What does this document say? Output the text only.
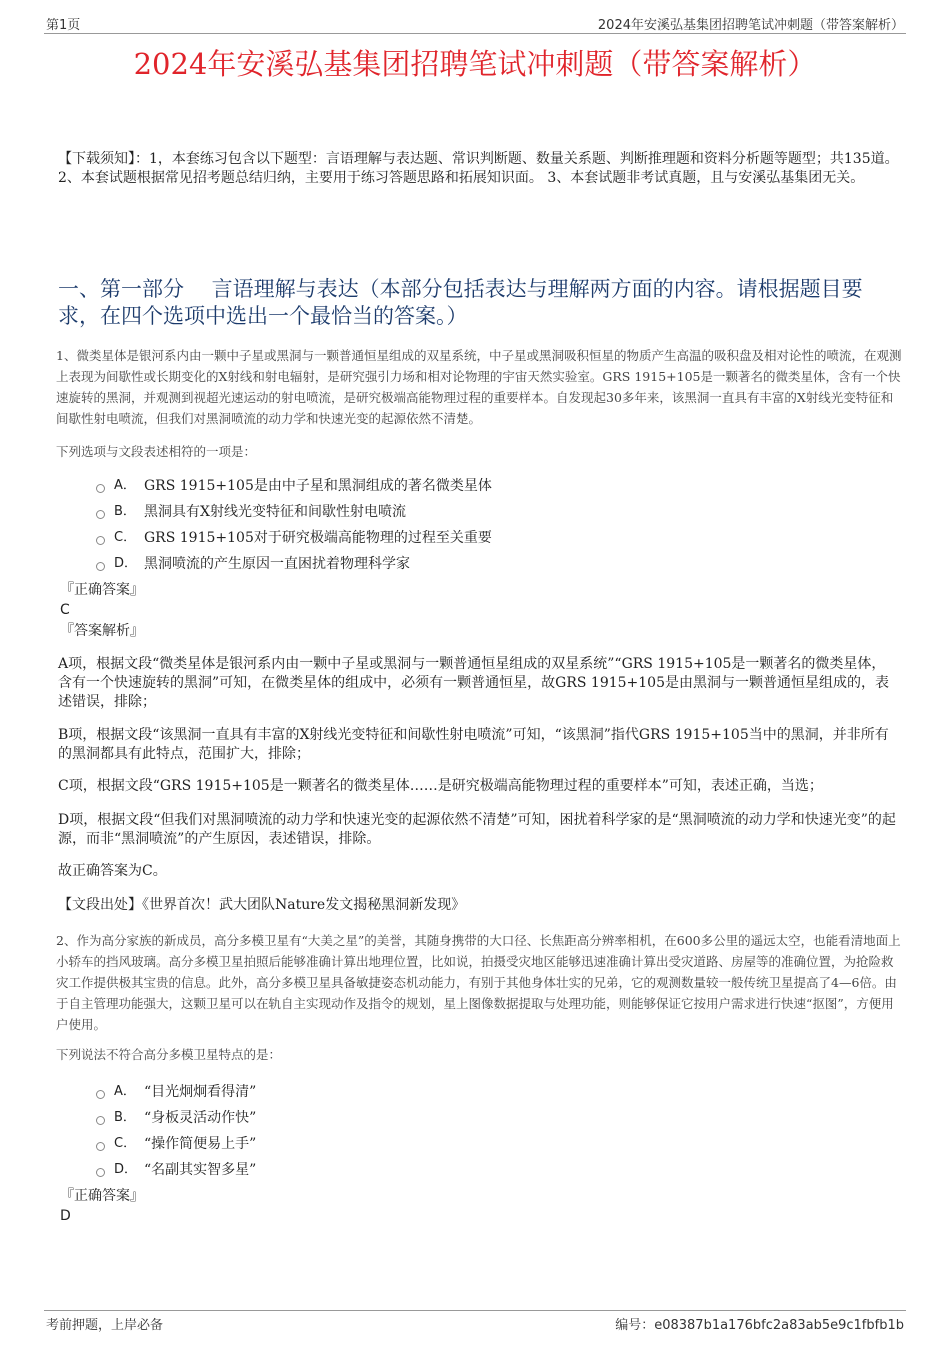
第1页	2024年安溪弘基集团招聘笔试冲刺题（带答案解析）
2024年安溪弘基集团招聘笔试冲刺题（带答案解析）
【下载须知】：1，本套练习包含以下题型：言语理解与表达题、常识判断题、数量关系题、判断推理题和资料分析题等题型；共135道。 2、本套试题根据常见招考题总结归纳，主要用于练习答题思路和拓展知识面。 3、本套试题非考试真题，且与安溪弘基集团无关。
一、第一部分　 言语理解与表达（本部分包括表达与理解两方面的内容。请根据题目要求，在四个选项中选出一个最恰当的答案。）
1、微类星体是银河系内由一颗中子星或黑洞与一颗普通恒星组成的双星系统，中子星或黑洞吸积恒星的物质产生高温的吸积盘及相对论性的喷流，在观测上表现为间歇性或长期变化的X射线和射电辐射，是研究强引力场和相对论物理的宇宙天然实验室。GRS 1915+105是一颗著名的微类星体，含有一个快速旋转的黑洞，并观测到视超光速运动的射电喷流，是研究极端高能物理过程的重要样本。自发现起30多年来，该黑洞一直具有丰富的X射线光变特征和间歇性射电喷流，但我们对黑洞喷流的动力学和快速光变的起源依然不清楚。
下列选项与文段表述相符的一项是：
A． GRS 1915+105是由中子星和黑洞组成的著名微类星体
B． 黑洞具有X射线光变特征和间歇性射电喷流
C． GRS 1915+105对于研究极端高能物理的过程至关重要
D． 黑洞喷流的产生原因一直困扰着物理科学家
『正确答案』
C
『答案解析』
A项，根据文段“微类星体是银河系内由一颗中子星或黑洞与一颗普通恒星组成的双星系统”“GRS 1915+105是一颗著名的微类星体，含有一个快速旋转的黑洞”可知，在微类星体的组成中，必须有一颗普通恒星，故GRS 1915+105是由黑洞与一颗普通恒星组成的，表述错误，排除；
B项，根据文段“该黑洞一直具有丰富的X射线光变特征和间歇性射电喷流”可知，“该黑洞”指代GRS 1915+105当中的黑洞，并非所有的黑洞都具有此特点，范围扩大，排除；
C项，根据文段“GRS 1915+105是一颗著名的微类星体……是研究极端高能物理过程的重要样本”可知，表述正确，当选；
D项，根据文段“但我们对黑洞喷流的动力学和快速光变的起源依然不清楚”可知，困扰着科学家的是“黑洞喷流的动力学和快速光变”的起源，而非“黑洞喷流”的产生原因，表述错误，排除。
故正确答案为C。
【文段出处】《世界首次！武大团队Nature发文揭秘黑洞新发现》
2、作为高分家族的新成员，高分多模卫星有“大美之星”的美誉，其随身携带的大口径、长焦距高分辨率相机，在600多公里的遥远太空，也能看清地面上小轿车的挡风玻璃。高分多模卫星拍照后能够准确计算出地理位置，比如说，拍摄受灾地区能够迅速准确计算出受灾道路、房屋等的准确位置，为抢险救灾工作提供极其宝贵的信息。此外，高分多模卫星具备敏捷姿态机动能力，有别于其他身体壮实的兄弟，它的观测数量较一般传统卫星提高了4—6倍。由于自主管理功能强大，这颗卫星可以在轨自主实现动作及指令的规划，星上图像数据提取与处理功能，则能够保证它按用户需求进行快速“抠图”，方便用户使用。
下列说法不符合高分多模卫星特点的是：
A． “目光炯炯看得清”
B． “身板灵活动作快”
C． “操作简便易上手”
D． “名副其实智多星”
『正确答案』
D
考前押题，上岸必备	编号：e08387b1a176bfc2a83ab5e9c1fbfb1b
